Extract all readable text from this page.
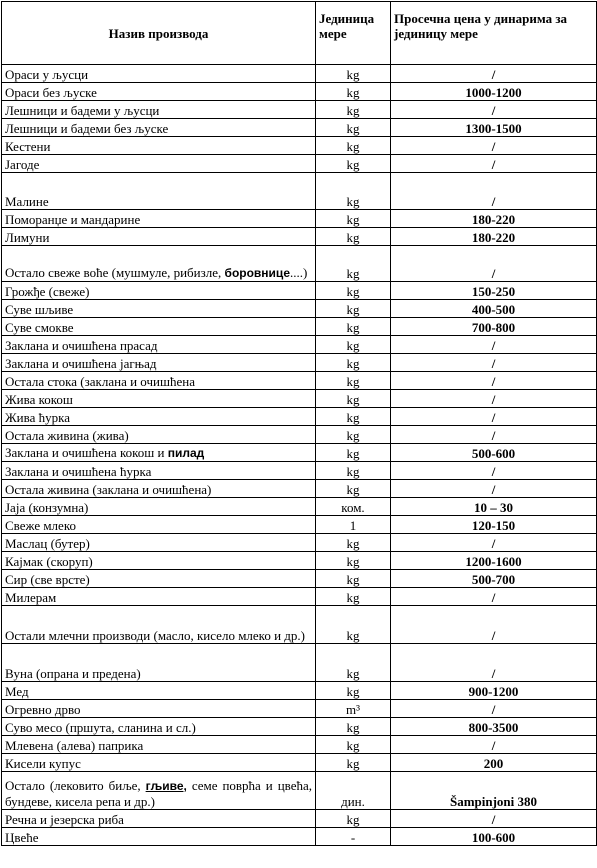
Назив производа	Јединица мере	Просечна цена у динарима за јединицу мере
Ораси у љусци	kg	/
Ораси без љуске	kg	1000-1200
Лешници и бадеми у љусци	kg	/
Лешници и бадеми без љуске	kg	1300-1500
Кестени	kg	/
Јагоде	kg	/
Малине	kg	/
Поморанџе и мандарине	kg	180-220
Лимуни	kg	180-220
Остало свеже воће (мушмуле, рибизле, боровнице....)	kg	/
Грожђе (свеже)	kg	150-250
Суве шљиве	kg	400-500
Суве смокве	kg	700-800
Заклана и очишћена прасад	kg	/
Заклана и очишћена јагњад	kg	/
Остала стока (заклана и очишћена	kg	/
Жива кокош	kg	/
Жива ћурка	kg	/
Остала живина (жива)	kg	/
Заклана и очишћена кокош и пилад	kg	500-600
Заклана и очишћена ћурка	kg	/
Остала живина (заклана и очишћена)	kg	/
Јаја (конзумна)	ком.	10 – 30
Свеже млеко	1	120-150
Маслац (бутер)	kg	/
Кајмак (скоруп)	kg	1200-1600
Сир (све врсте)	kg	500-700
Милерам	kg	/
Остали млечни производи (масло, кисело млеко и др.)	kg	/
Вуна (опрана и предена)	kg	/
Мед	kg	900-1200
Огревно дрво	m³	/
Суво месо (пршута, сланина и сл.)	kg	800-3500
Млевена (алева) паприка	kg	/
Кисели купус	kg	200
Остало (лековито биље, гљиве, семе поврћа и цвећа, бундеве, кисела репа и др.)	дин.	Šampinjoni 380
Речна и језерска риба	kg	/
Цвеће	-	100-600
